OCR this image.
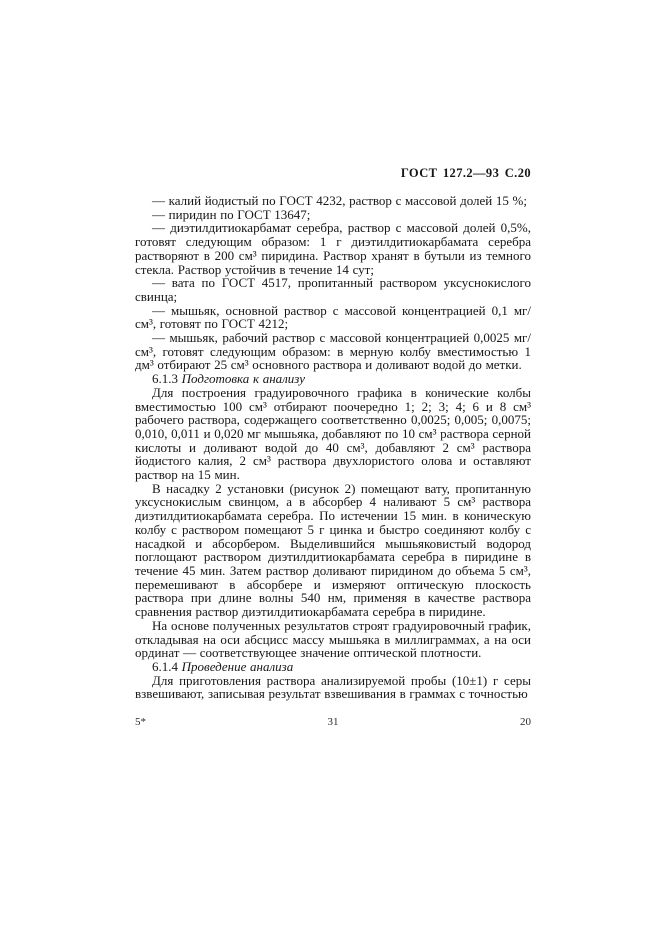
ГОСТ 127.2—93 С.20

— калий йодистый по ГОСТ 4232, раствор с массовой долей 15 %;

— пиридин по ГОСТ 13647;

— диэтилдитиокарбамат серебра, раствор с массовой долей 0,5%, готовят следующим образом: 1 г диэтилдитиокарбамата серебра растворяют в 200 см³ пиридина. Раствор хранят в бутыли из темного стекла. Раствор устойчив в течение 14 сут;

— вата по ГОСТ 4517, пропитанный раствором уксуснокислого свинца;

— мышьяк, основной раствор с массовой концентрацией 0,1 мг/см³, готовят по ГОСТ 4212;

— мышьяк, рабочий раствор с массовой концентрацией 0,0025 мг/см³, готовят следующим образом: в мерную колбу вместимостью 1 дм³ отбирают 25 см³ основного раствора и доливают водой до метки.

6.1.3 Подготовка к анализу

Для построения градуировочного графика в конические колбы вместимостью 100 см³ отбирают поочередно 1; 2; 3; 4; 6 и 8 см³ рабочего раствора, содержащего соответственно 0,0025; 0,005; 0,0075; 0,010, 0,011 и 0,020 мг мышьяка, добавляют по 10 см³ раствора серной кислоты и доливают водой до 40 см³, добавляют 2 см³ раствора йодистого калия, 2 см³ раствора двухлористого олова и оставляют раствор на 15 мин.

В насадку 2 установки (рисунок 2) помещают вату, пропитанную уксуснокислым свинцом, а в абсорбер 4 наливают 5 см³ раствора диэтилдитиокарбамата серебра. По истечении 15 мин. в коническую колбу с раствором помещают 5 г цинка и быстро соединяют колбу с насадкой и абсорбером. Выделившийся мышьяковистый водород поглощают раствором диэтилдитиокарбамата серебра в пиридине в течение 45 мин. Затем раствор доливают пиридином до объема 5 см³, перемешивают в абсорбере и измеряют оптическую плоскость раствора при длине волны 540 нм, применяя в качестве раствора сравнения раствор диэтилдитиокарбамата серебра в пиридине.

На основе полученных результатов строят градуировочный график, откладывая на оси абсцисс массу мышьяка в миллиграммах, а на оси ординат — соответствующее значение оптической плотности.

6.1.4 Проведение анализа

Для приготовления раствора анализируемой пробы (10±1) г серы взвешивают, записывая результат взвешивания в граммах с точностью

5*	31	20
